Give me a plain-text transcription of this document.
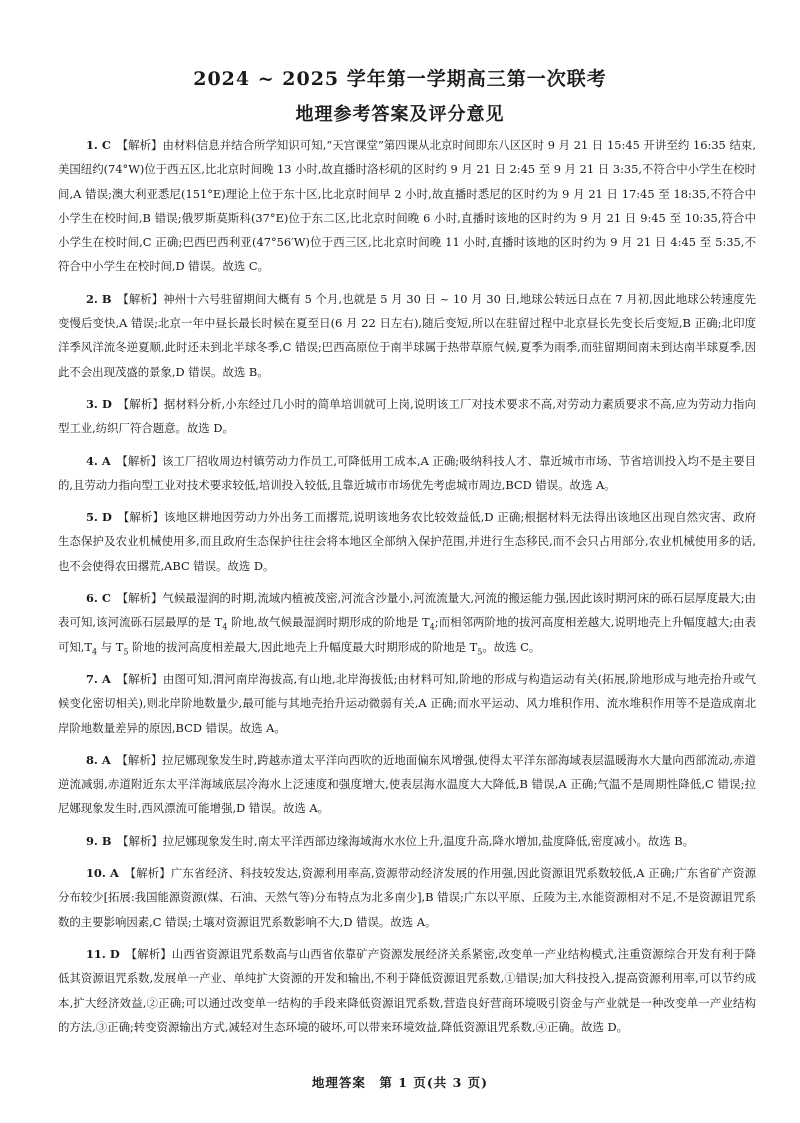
2024 ~ 2025 学年第一学期高三第一次联考
地理参考答案及评分意见

1. C 【解析】由材料信息并结合所学知识可知,“天宫课堂”第四课从北京时间即东八区区时 9 月 21 日 15:45 开讲至约 16:35 结束,美国纽约(74°W)位于西五区,比北京时间晚 13 小时,故直播时洛杉矶的区时约 9 月 21 日 2:45 至 9 月 21 日 3:35,不符合中小学生在校时间,A 错误;澳大利亚悉尼(151°E)理论上位于东十区,比北京时间早 2 小时,故直播时悉尼的区时约为 9 月 21 日 17:45 至 18:35,不符合中小学生在校时间,B 错误;俄罗斯莫斯科(37°E)位于东二区,比北京时间晚 6 小时,直播时该地的区时约为 9 月 21 日 9:45 至 10:35,符合中小学生在校时间,C 正确;巴西巴西利亚(47°56′W)位于西三区,比北京时间晚 11 小时,直播时该地的区时约为 9 月 21 日 4:45 至 5:35,不符合中小学生在校时间,D 错误。故选 C。

2. B 【解析】神州十六号驻留期间大概有 5 个月,也就是 5 月 30 日 ~ 10 月 30 日,地球公转远日点在 7 月初,因此地球公转速度先变慢后变快,A 错误;北京一年中昼长最长时候在夏至日(6 月 22 日左右),随后变短,所以在驻留过程中北京昼长先变长后变短,B 正确;北印度洋季风洋流冬逆夏顺,此时还未到北半球冬季,C 错误;巴西高原位于南半球属于热带草原气候,夏季为雨季,而驻留期间南未到达南半球夏季,因此不会出现茂盛的景象,D 错误。故选 B。

3. D 【解析】据材料分析,小东经过几小时的简单培训就可上岗,说明该工厂对技术要求不高,对劳动力素质要求不高,应为劳动力指向型工业,纺织厂符合题意。故选 D。

4. A 【解析】该工厂招收周边村镇劳动力作员工,可降低用工成本,A 正确;吸纳科技人才、靠近城市市场、节省培训投入均不是主要目的,且劳动力指向型工业对技术要求较低,培训投入较低,且靠近城市市场优先考虑城市周边,BCD 错误。故选 A。

5. D 【解析】该地区耕地因劳动力外出务工而撂荒,说明该地务农比较效益低,D 正确;根据材料无法得出该地区出现自然灾害、政府生态保护及农业机械使用多,而且政府生态保护往往会将本地区全部纳入保护范围,并进行生态移民,而不会只占用部分,农业机械使用多的话,也不会使得农田撂荒,ABC 错误。故选 D。

6. C 【解析】气候最湿润的时期,流域内植被茂密,河流含沙量小,河流流量大,河流的搬运能力强,因此该时期河床的砾石层厚度最大;由表可知,该河流砾石层最厚的是 $T_4$ 阶地,故气候最湿润时期形成的阶地是 $T_4$;而相邻两阶地的拔河高度相差越大,说明地壳上升幅度越大;由表可知$,T_4$ 与 $T_5$ 阶地的拔河高度相差最大,因此地壳上升幅度最大时期形成的阶地是 $T_5$。故选 C。

7. A 【解析】由图可知,渭河南岸海拔高,有山地,北岸海拔低;由材料可知,阶地的形成与构造运动有关(拓展,阶地形成与地壳抬升或气候变化密切相关),则北岸阶地数量少,最可能与其地壳抬升运动微弱有关,A 正确;而水平运动、风力堆积作用、流水堆积作用等不是造成南北岸阶地数量差异的原因,BCD 错误。故选 A。

8. A 【解析】拉尼娜现象发生时,跨越赤道太平洋向西吹的近地面偏东风增强,使得太平洋东部海域表层温暖海水大量向西部流动,赤道逆流减弱,赤道附近东太平洋海域底层冷海水上泛速度和强度增大,使表层海水温度大大降低,B 错误,A 正确;气温不是周期性降低,C 错误;拉尼娜现象发生时,西风漂流可能增强,D 错误。故选 A。

9. B 【解析】拉尼娜现象发生时,南太平洋西部边缘海域海水水位上升,温度升高,降水增加,盐度降低,密度减小。故选 B。

10. A 【解析】广东省经济、科技较发达,资源利用率高,资源带动经济发展的作用强,因此资源诅咒系数较低,A 正确;广东省矿产资源分布较少[拓展:我国能源资源(煤、石油、天然气等)分布特点为北多南少],B 错误;广东以平原、丘陵为主,水能资源相对不足,不是资源诅咒系数的主要影响因素,C 错误;土壤对资源诅咒系数影响不大,D 错误。故选 A。

11. D 【解析】山西省资源诅咒系数高与山西省依靠矿产资源发展经济关系紧密,改变单一产业结构模式,注重资源综合开发有利于降低其资源诅咒系数,发展单一产业、单纯扩大资源的开发和输出,不利于降低资源诅咒系数,①错误;加大科技投入,提高资源利用率,可以节约成本,扩大经济效益,②正确;可以通过改变单一结构的手段来降低资源诅咒系数,营造良好营商环境吸引资金与产业就是一种改变单一产业结构的方法,③正确;转变资源输出方式,减轻对生态环境的破坏,可以带来环境效益,降低资源诅咒系数,④正确。故选 D。

地理答案　第 1 页(共 3 页)
